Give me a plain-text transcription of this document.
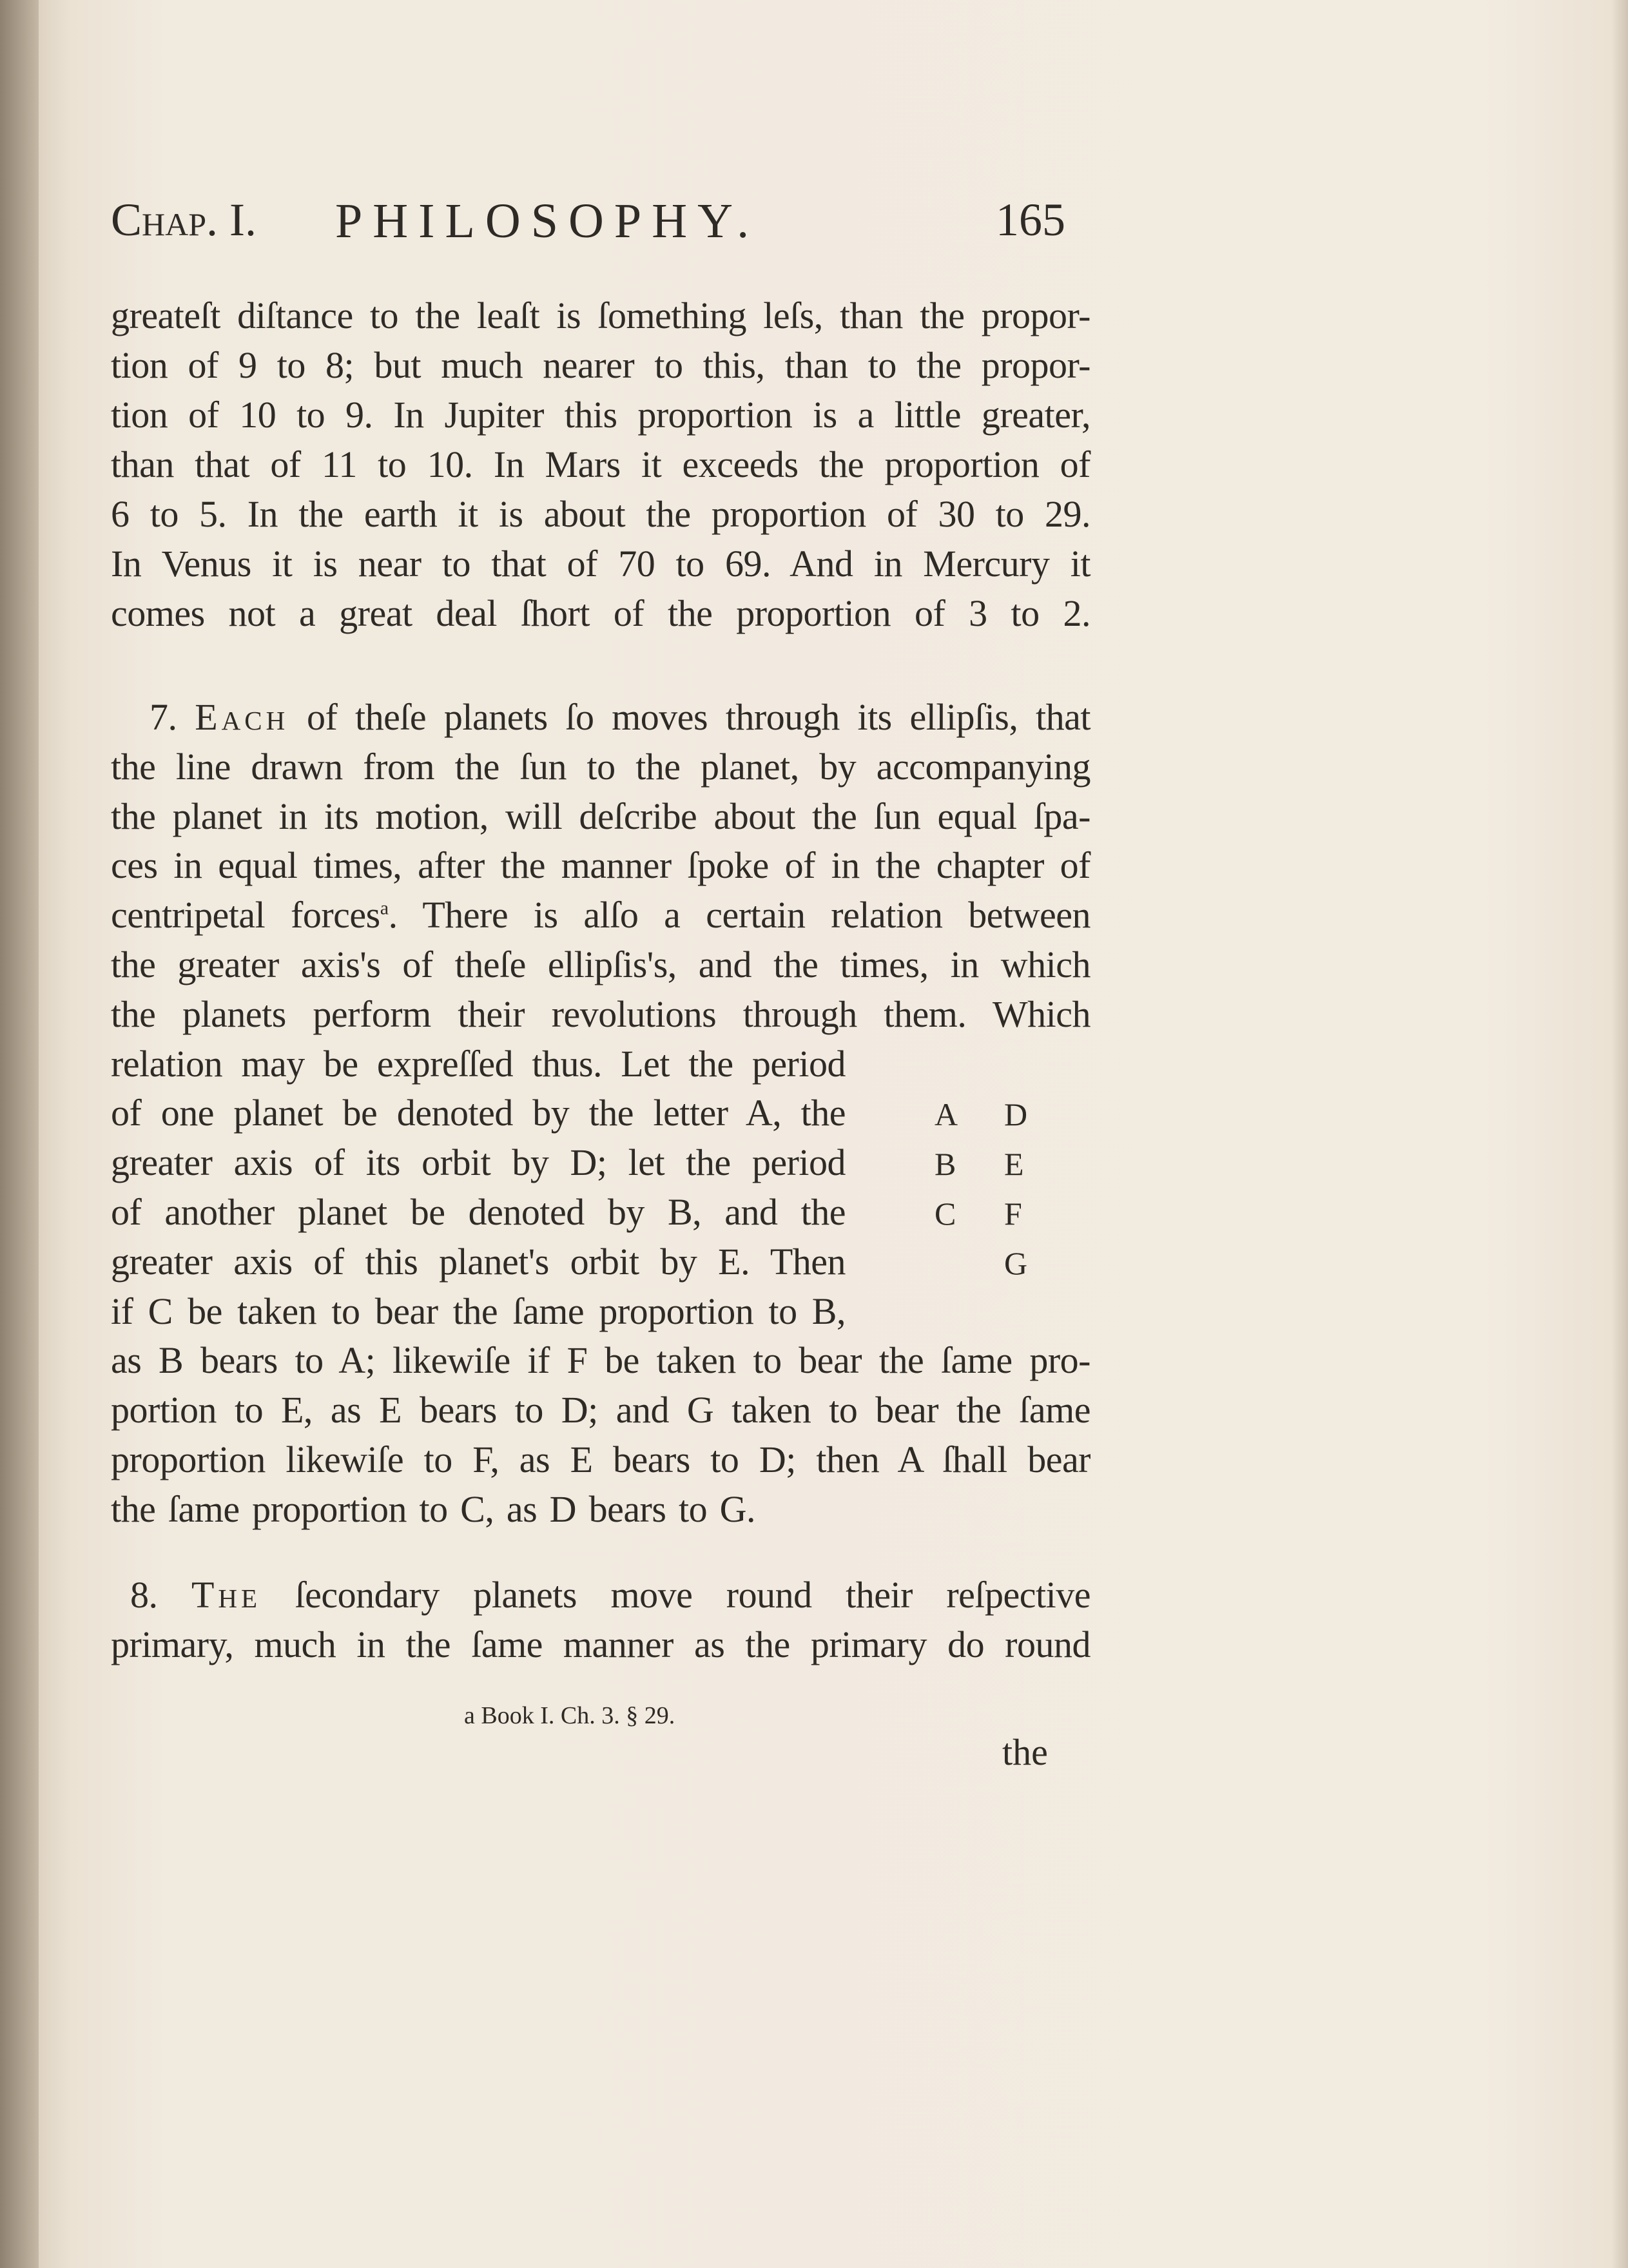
Chap. I. PHILOSOPHY.	165
greateſt diſtance to the leaſt is ſomething leſs, than the propor-
tion of 9 to 8; but much nearer to this, than to the propor-
tion of 10 to 9. In Jupiter this proportion is a little greater,
than that of 11 to 10. In Mars it exceeds the proportion of
6 to 5. In the earth it is about the proportion of 30 to 29.
In Venus it is near to that of 70 to 69. And in Mercury it
comes not a great deal ſhort of the proportion of 3 to 2.
7. Each of theſe planets ſo moves through its ellipſis, that
the line drawn from the ſun to the planet, by accompanying
the planet in its motion, will deſcribe about the ſun equal ſpa-
ces in equal times, after the manner ſpoke of in the chapter of
centripetal forces$^a$. There is alſo a certain relation between
the greater axis's of theſe ellipſis's, and the times, in which
the planets perform their revolutions through them. Which
relation may be expreſſed thus. Let the period
of one planet be denoted by the letter A, the
greater axis of its orbit by D; let the period
of another planet be denoted by B, and the
greater axis of this planet's orbit by E. Then
if C be taken to bear the ſame proportion to B,
as B bears to A; likewiſe if F be taken to bear the ſame pro-
portion to E, as E bears to D; and G taken to bear the ſame
proportion likewiſe to F, as E bears to D; then A ſhall bear
the ſame proportion to C, as D bears to G.
A
B
C
D
E
F
G
8. The ſecondary planets move round their reſpective
primary, much in the ſame manner as the primary do round
a Book I. Ch. 3. § 29.
the
